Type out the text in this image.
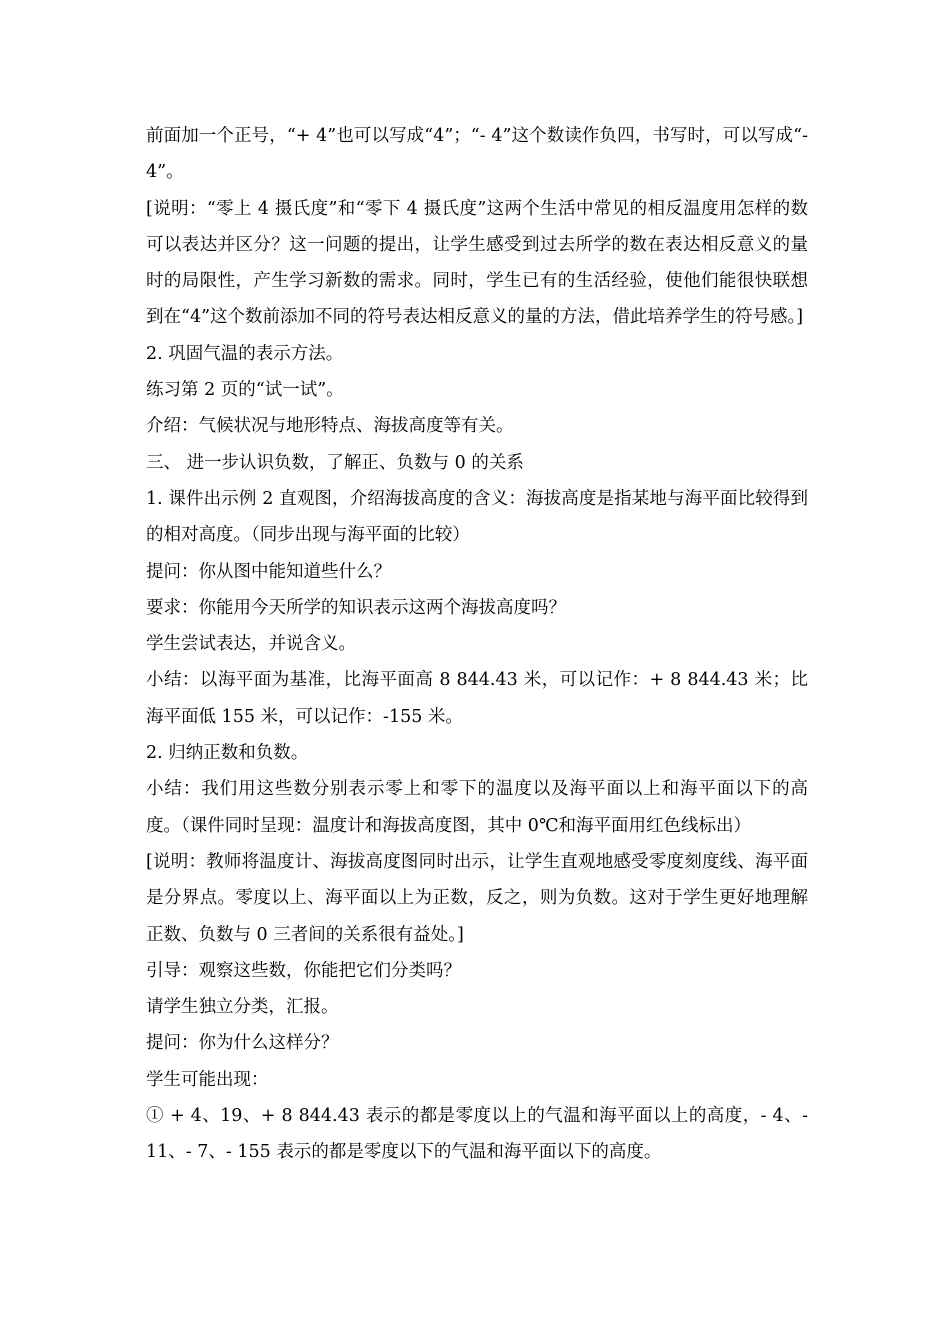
前面加一个正号，“+ 4”也可以写成“4”；“- 4”这个数读作负四，书写时，可以写成“- 4”。

[说明：“零上 4 摄氏度”和“零下 4 摄氏度”这两个生活中常见的相反温度用怎样的数可以表达并区分？这一问题的提出，让学生感受到过去所学的数在表达相反意义的量时的局限性，产生学习新数的需求。同时，学生已有的生活经验，使他们能很快联想到在“4”这个数前添加不同的符号表达相反意义的量的方法，借此培养学生的符号感。]

2. 巩固气温的表示方法。

练习第 2 页的“试一试”。

介绍：气候状况与地形特点、海拔高度等有关。

三、 进一步认识负数，了解正、负数与 0 的关系

1. 课件出示例 2 直观图，介绍海拔高度的含义：海拔高度是指某地与海平面比较得到的相对高度。（同步出现与海平面的比较）

提问：你从图中能知道些什么？

要求：你能用今天所学的知识表示这两个海拔高度吗？

学生尝试表达，并说含义。

小结：以海平面为基准，比海平面高 8 844.43 米，可以记作：+ 8 844.43 米；比海平面低 155 米，可以记作：-155 米。

2. 归纳正数和负数。

小结：我们用这些数分别表示零上和零下的温度以及海平面以上和海平面以下的高度。（课件同时呈现：温度计和海拔高度图，其中 0℃和海平面用红色线标出）

[说明：教师将温度计、海拔高度图同时出示，让学生直观地感受零度刻度线、海平面是分界点。零度以上、海平面以上为正数，反之，则为负数。这对于学生更好地理解正数、负数与 0 三者间的关系很有益处。]

引导：观察这些数，你能把它们分类吗？

请学生独立分类，汇报。

提问：你为什么这样分？

学生可能出现：

① + 4、19、+ 8 844.43 表示的都是零度以上的气温和海平面以上的高度，- 4、- 11、- 7、- 155 表示的都是零度以下的气温和海平面以下的高度。
